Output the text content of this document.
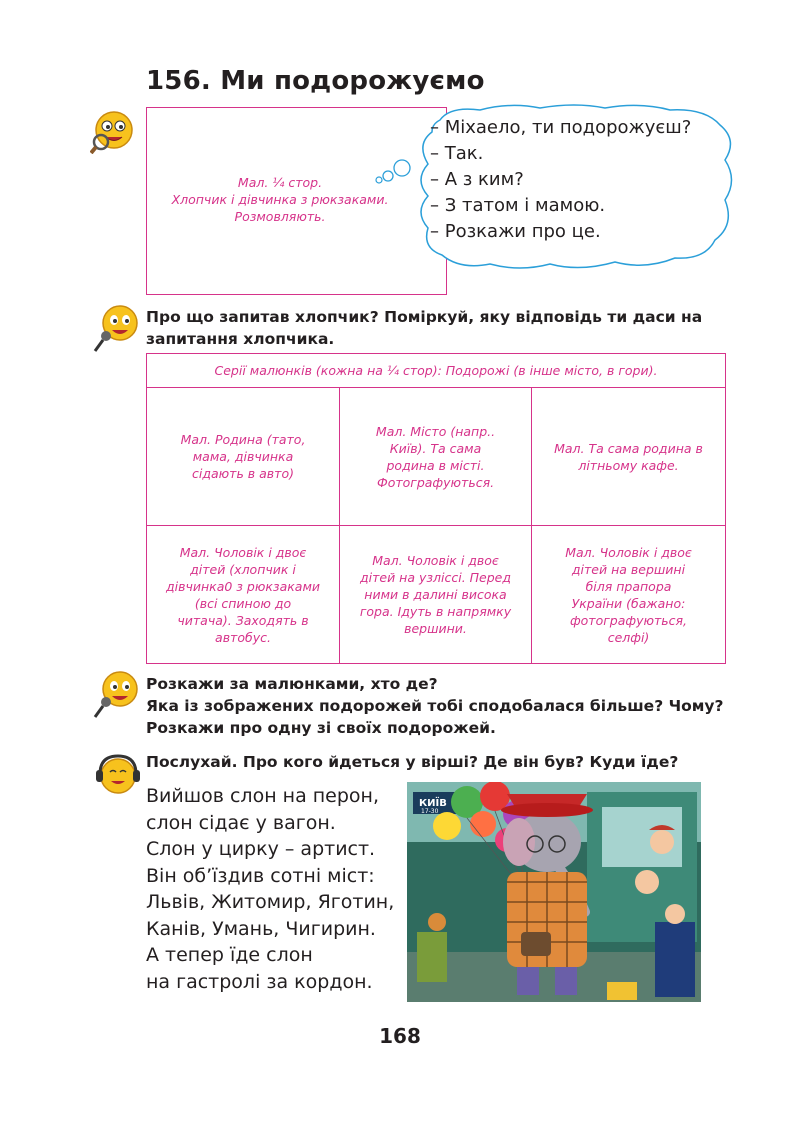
156. Ми подорожуємо
Мал. ¼ стор.
Хлопчик і дівчинка з рюкзаками.
Розмовляють.
– Міхаело, ти подорожуєш?
– Так.
– А з ким?
– З татом і мамою.
– Розкажи про це.
Про що запитав хлопчик? Поміркуй, яку відповідь ти даси на
запитання хлопчика.
Серії малюнків (кожна на ¼ стор): Подорожі (в інше місто, в гори).
Мал. Родина (тато,
мама, дівчинка
сідають в авто)
Мал. Місто (напр..
Київ). Та сама
родина в місті.
Фотографуються.
Мал. Та сама родина в
літньому кафе.
Мал. Чоловік і двоє
дітей (хлопчик і
дівчинка0 з рюкзаками
(всі спиною до
читача). Заходять в
автобус.
Мал. Чоловік і двоє
дітей на узліссі. Перед
ними в далині висока
гора. Ідуть в напрямку
вершини.
Мал. Чоловік і двоє
дітей на вершині
біля прапора
України (бажано:
фотографуються,
селфі)
Розкажи за малюнками, хто де?
Яка із зображених подорожей тобі сподобалася більше? Чому?
Розкажи про одну зі своїх подорожей.
Послухай. Про кого йдеться у вірші? Де він був? Куди їде?
Вийшов слон на перон,
слон сідає у вагон.
Слон у цирку – артист.
Він об’їздив сотні міст:
Львів, Житомир, Яготин,
Канів, Умань, Чигирин.
А тепер їде слон
на гастролі за кордон.
КИЇВ
17-30
168
